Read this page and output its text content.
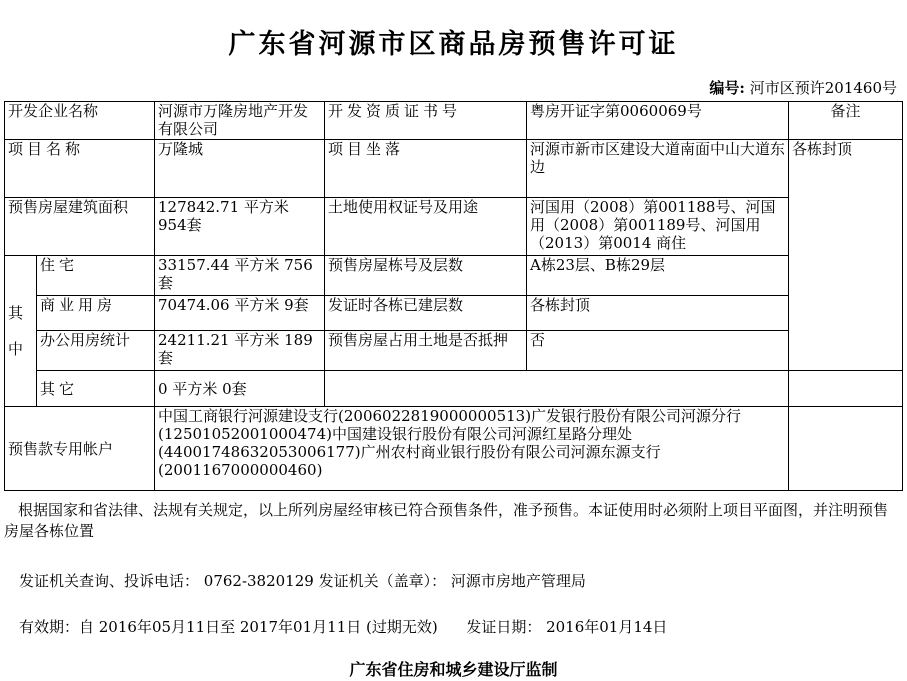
广东省河源市区商品房预售许可证
编号: 河市区预许201460号
开发企业名称		河源市万隆房地产开发有限公司	开发资质证书号	粤房开证字第0060069号	备注	
项目名称		万隆城	项目坐落	河源市新市区建设大道南面中山大道东边	各栋封顶	
预售房屋建筑面积		127842.71 平方米 954套	土地使用权证号及用途	河国用（2008）第001188号、河国用（2008）第001189号、河国用（2013）第0014 商住		
其中	住宅	33157.44 平方米 756套	预售房屋栋号及层数	A栋23层、B栋29层		
	商业用房	70474.06 平方米 9套	发证时各栋已建层数	各栋封顶		
	办公用房统计	24211.21 平方米 189套	预售房屋占用土地是否抵押	否		
	其它	0 平方米 0套				
预售款专用帐户		中国工商银行河源建设支行(2006022819000000513)广发银行股份有限公司河源分行(12501052001000474)中国建设银行股份有限公司河源红星路分理处(44001748632053006177)广州农村商业银行股份有限公司河源东源支行(2001167000000460)				
根据国家和省法律、法规有关规定，以上所列房屋经审核已符合预售条件，准予预售。本证使用时必须附上项目平面图，并注明预售房屋各栋位置
发证机关查询、投诉电话： 0762-3820129 发证机关（盖章）： 河源市房地产管理局
有效期：自 2016年05月11日至 2017年01月11日 (过期无效)      发证日期： 2016年01月14日
广东省住房和城乡建设厅监制
